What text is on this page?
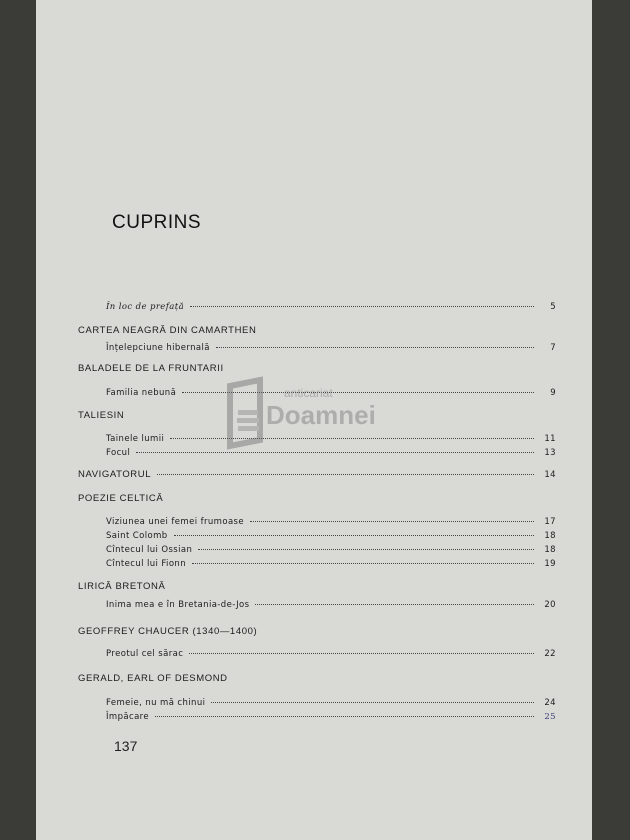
CUPRINS
În loc de prefață	5
CARTEA NEAGRĂ DIN CAMARTHEN
Înțelepciune hibernală	7
BALADELE DE LA FRUNTARII
Familia nebună	9
TALIESIN
Tainele lumii	11
Focul	13
NAVIGATORUL	14
POEZIE CELTICĂ
Viziunea unei femei frumoase	17
Saint Colomb	18
Cîntecul lui Ossian	18
Cîntecul lui Fionn	19
LIRICĂ BRETONĂ
Inima mea e în Bretania-de-Jos	20
GEOFFREY CHAUCER (1340—1400)
Preotul cel sărac	22
GERALD, EARL OF DESMOND
Femeie, nu mă chinui	24
Împăcare	25
137
anticariat
Doamnei
